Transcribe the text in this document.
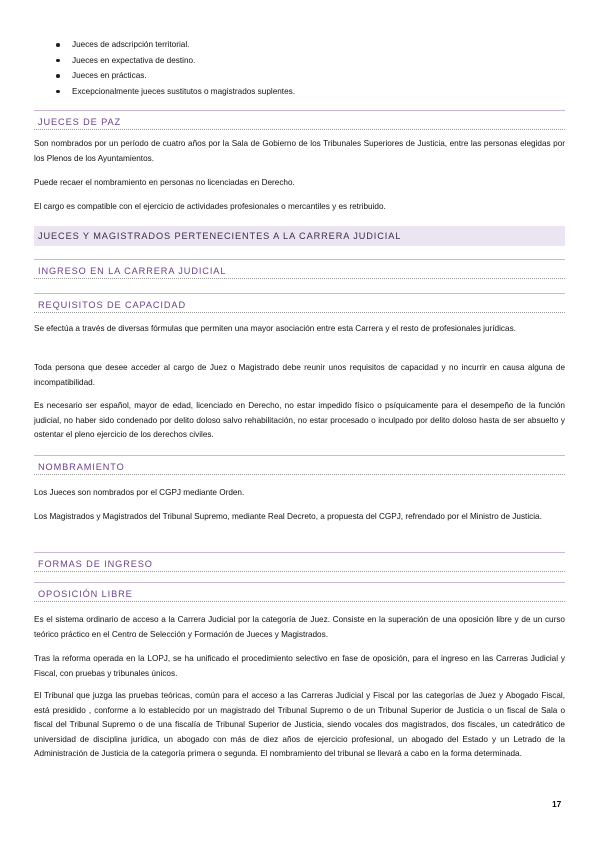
Jueces de adscripción territorial.
Jueces en expectativa de destino.
Jueces en prácticas.
Excepcionalmente jueces sustitutos o magistrados suplentes.
JUECES DE PAZ
Son nombrados por un período de cuatro años por la Sala de Gobierno de los Tribunales Superiores de Justicia, entre las personas elegidas por los Plenos de los Ayuntamientos.
Puede recaer el nombramiento en personas no licenciadas en Derecho.
El cargo es compatible con el ejercicio de actividades profesionales o mercantiles y es retribuido.
JUECES Y MAGISTRADOS PERTENECIENTES A LA CARRERA JUDICIAL
INGRESO EN LA CARRERA JUDICIAL
REQUISITOS DE CAPACIDAD
Se efectúa a través de diversas fórmulas que permiten una mayor asociación entre esta Carrera y el resto de profesionales jurídicas.
Toda persona que desee acceder al cargo de Juez o Magistrado debe reunir unos requisitos de capacidad y no incurrir en causa alguna de incompatibilidad.
Es necesario ser español, mayor de edad, licenciado en Derecho, no estar impedido físico o psíquicamente para el desempeño de la función judicial, no haber sido condenado por delito doloso salvo rehabilitación, no estar procesado o inculpado por delito doloso hasta de ser absuelto y ostentar el pleno ejercicio de los derechos civiles.
NOMBRAMIENTO
Los Jueces son nombrados por el CGPJ mediante Orden.
Los Magistrados y Magistrados del Tribunal Supremo, mediante Real Decreto, a propuesta del CGPJ, refrendado por el Ministro de Justicia.
FORMAS DE INGRESO
OPOSICIÓN LIBRE
Es el sistema ordinario de acceso a la Carrera Judicial por la categoría de Juez. Consiste en la superación de una oposición libre y de un curso teórico práctico en el Centro de Selección y Formación de Jueces y Magistrados.
Tras la reforma operada en la LOPJ, se ha unificado el procedimiento selectivo en fase de oposición, para el ingreso en las Carreras Judicial y Fiscal, con pruebas y tribunales únicos.
El Tribunal que juzga las pruebas teóricas, común para el acceso a las Carreras Judicial y Fiscal por las categorías de Juez y Abogado Fiscal, está presidido , conforme a lo establecido por un magistrado del Tribunal Supremo o de un Tribunal Superior de Justicia o un fiscal de Sala o fiscal del Tribunal Supremo o de una fiscalía de Tribunal Superior de Justicia, siendo vocales dos magistrados, dos fiscales, un catedrático de universidad de disciplina jurídica, un abogado con más de diez años de ejercicio profesional, un abogado del Estado y un Letrado de la Administración de Justicia de la categoría primera o segunda. El nombramiento del tribunal se llevará a cabo en la forma determinada.
17
